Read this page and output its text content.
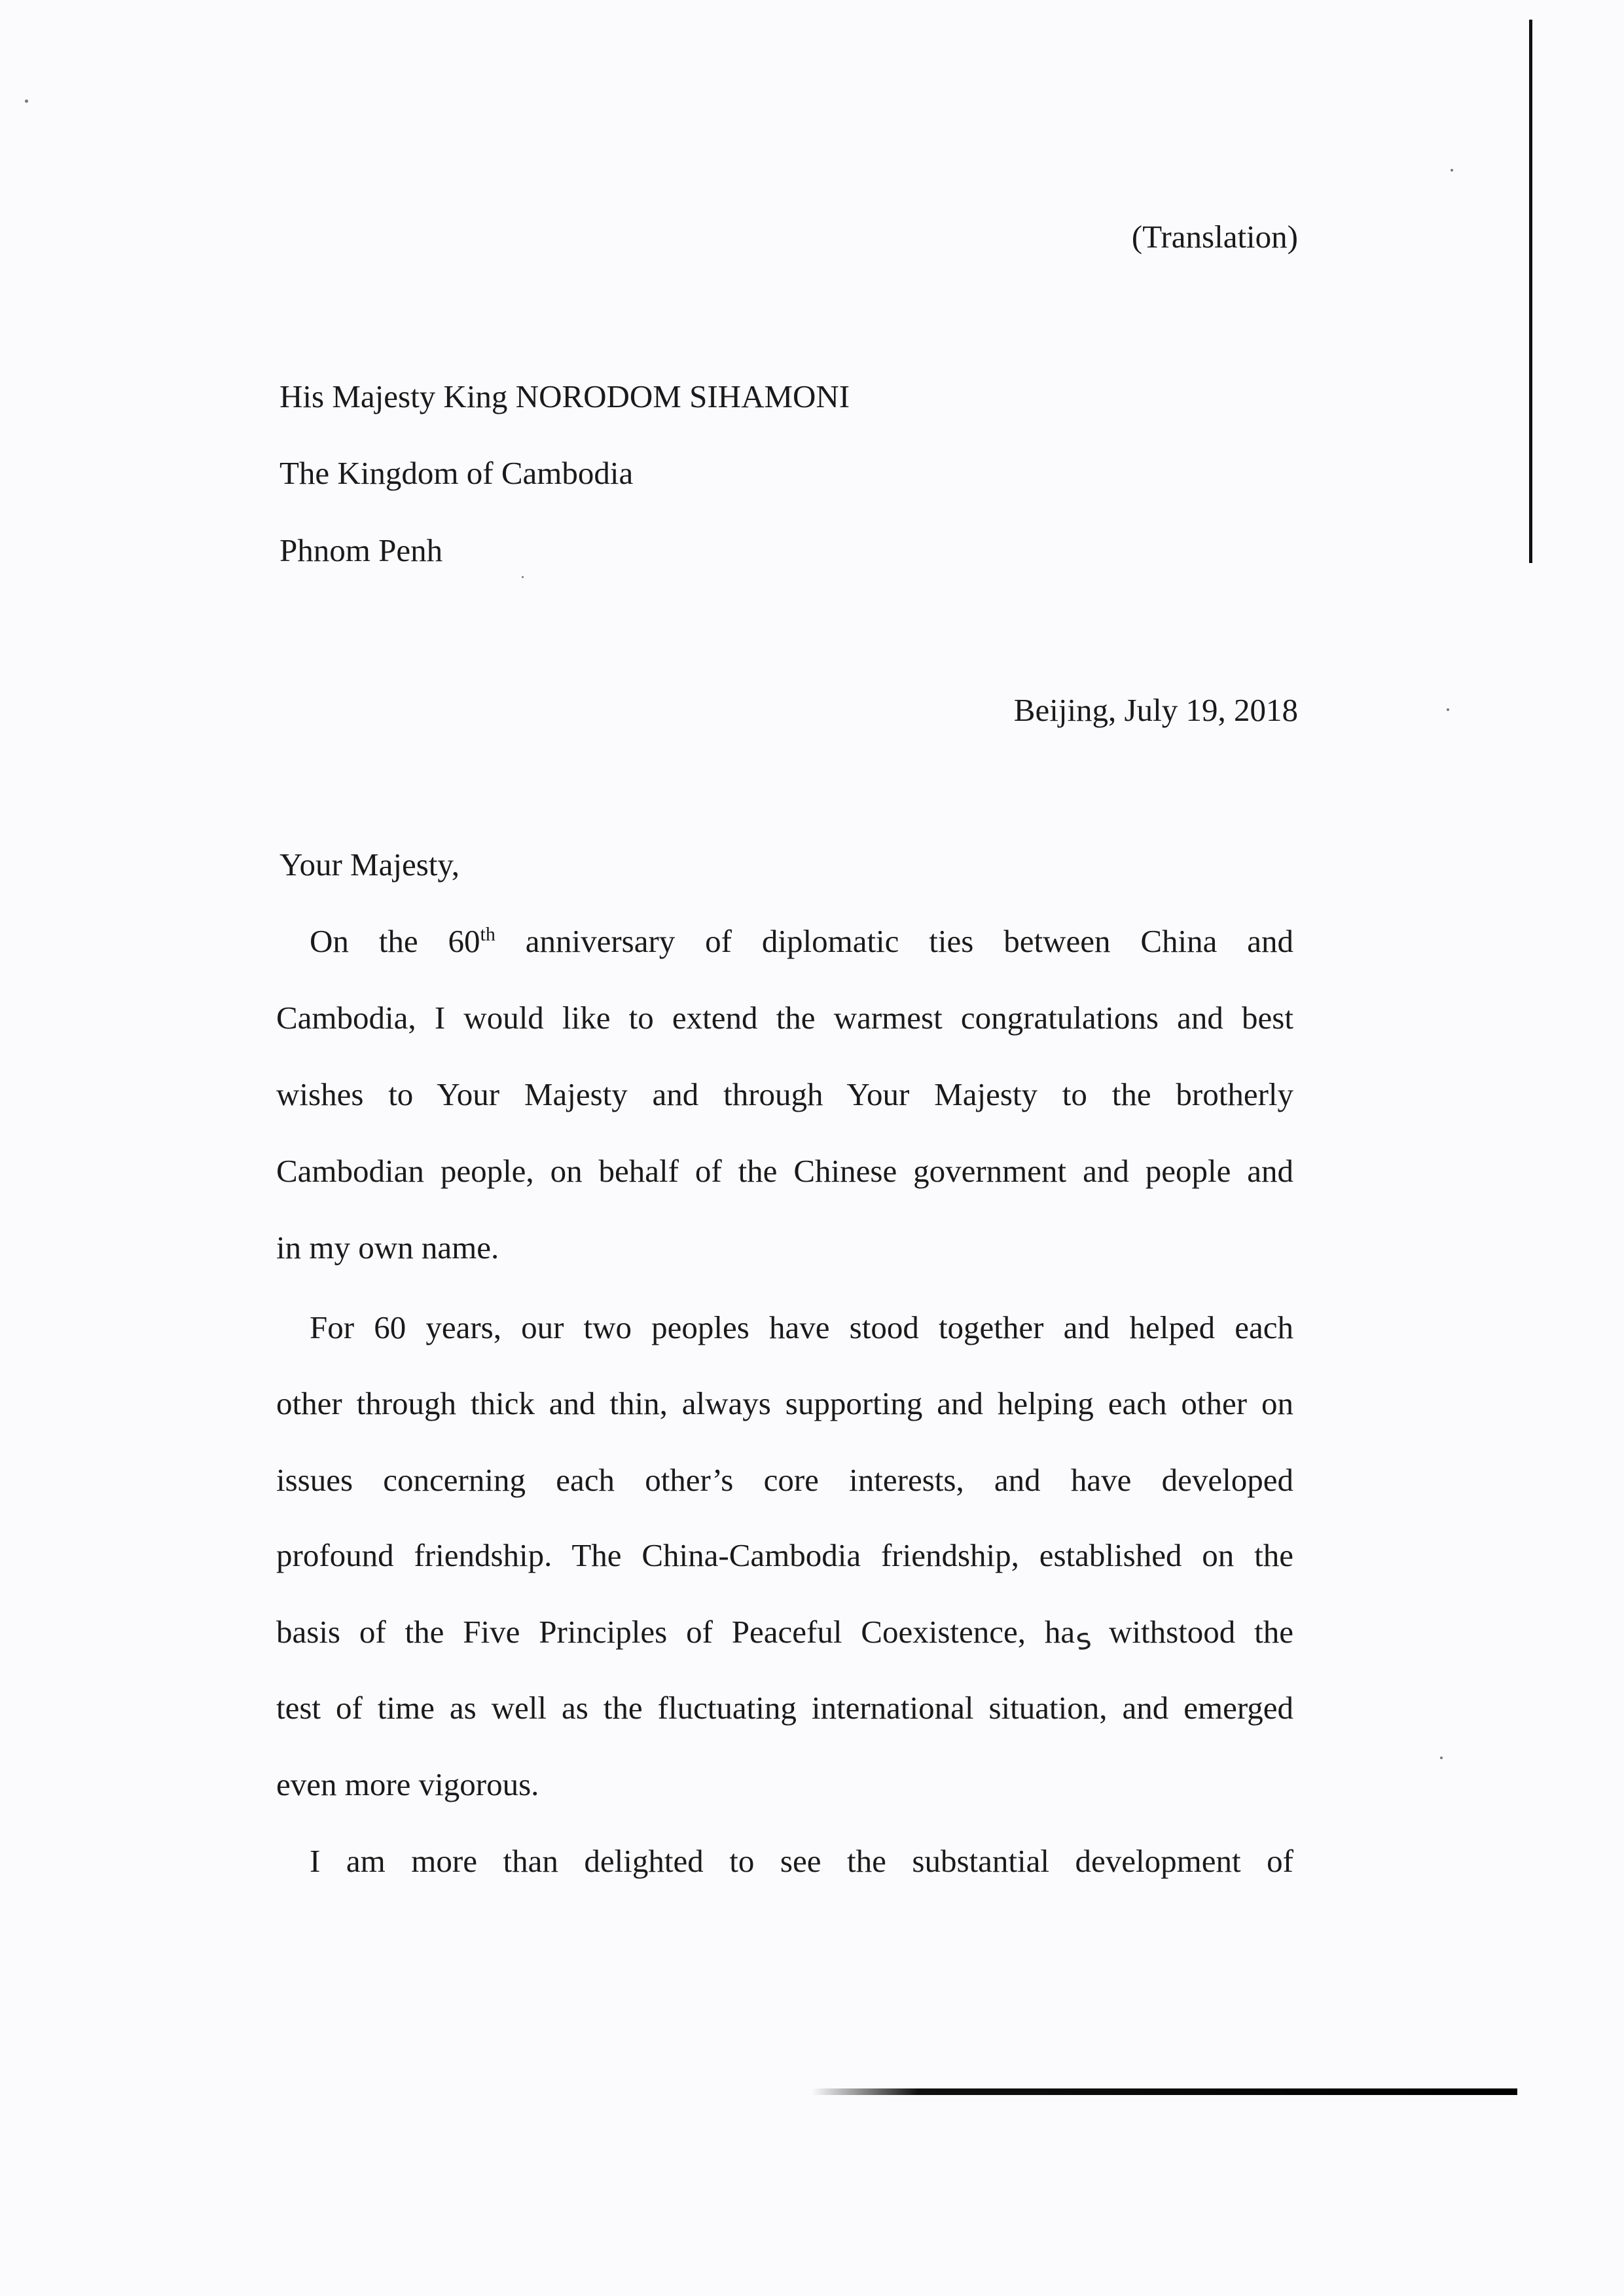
(Translation)

His Majesty King NORODOM SIHAMONI

The Kingdom of Cambodia

Phnom Penh

Beijing, July 19, 2018

Your Majesty,

On the 60th anniversary of diplomatic ties between China and

Cambodia, I would like to extend the warmest congratulations and best

wishes to Your Majesty and through Your Majesty to the brotherly

Cambodian people, on behalf of the Chinese government and people and

in my own name.

For 60 years, our two peoples have stood together and helped each

other through thick and thin, always supporting and helping each other on

issues concerning each other’s core interests, and have developed

profound friendship. The China-Cambodia friendship, established on the

basis of the Five Principles of Peaceful Coexistence, has withstood the

test of time as well as the fluctuating international situation, and emerged

even more vigorous.

I am more than delighted to see the substantial development of
